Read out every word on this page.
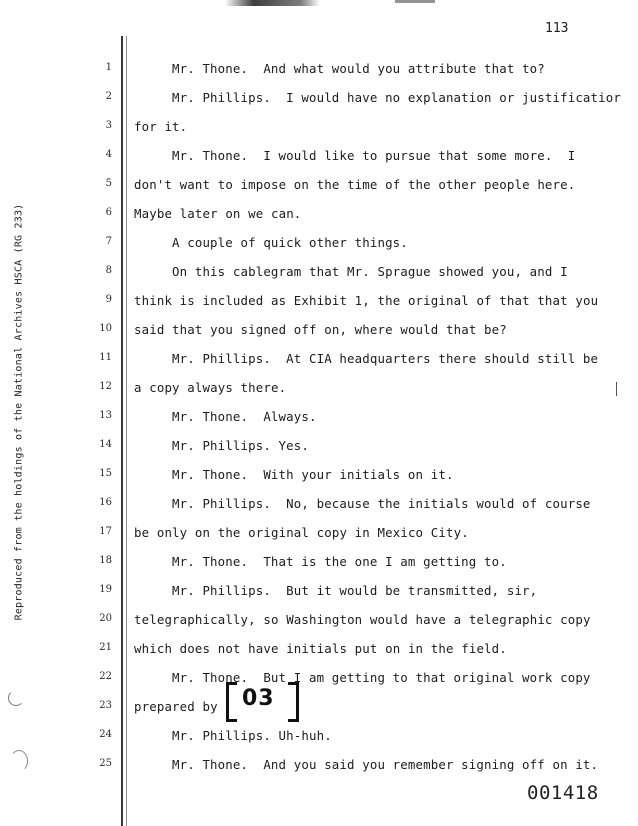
Reproduced from the holdings of the National Archives HSCA (RG 233)
113
1
2
3
4
5
6
7
8
9
10
11
12
13
14
15
16
17
18
19
20
21
22
23
24
25
Mr. Thone.  And what would you attribute that to?
Mr. Phillips.  I would have no explanation or justificatior
for it.
Mr. Thone.  I would like to pursue that some more.  I
don't want to impose on the time of the other people here.
Maybe later on we can.
A couple of quick other things.
On this cablegram that Mr. Sprague showed you, and I
think is included as Exhibit 1, the original of that that you
said that you signed off on, where would that be?
Mr. Phillips.  At CIA headquarters there should still be
a copy always there.
Mr. Thone.  Always.
Mr. Phillips. Yes.
Mr. Thone.  With your initials on it.
Mr. Phillips.  No, because the initials would of course
be only on the original copy in Mexico City.
Mr. Thone.  That is the one I am getting to.
Mr. Phillips.  But it would be transmitted, sir,
telegraphically, so Washington would have a telegraphic copy
which does not have initials put on in the field.
Mr. Thone.  But I am getting to that original work copy
prepared by
Mr. Phillips. Uh-huh.
Mr. Thone.  And you said you remember signing off on it.
03
001418
